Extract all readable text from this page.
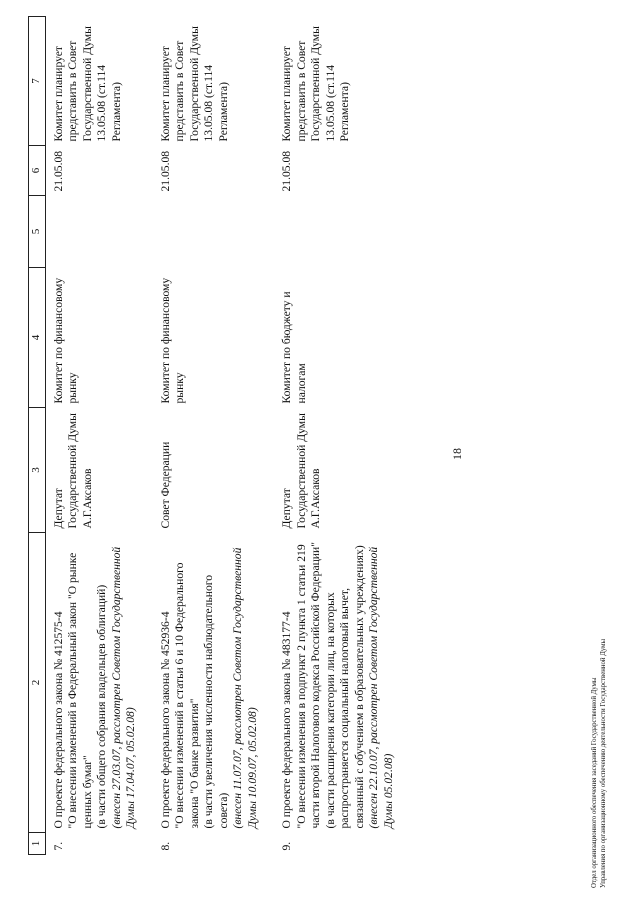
18
1	2	3	4	5	6	7
7.	О проекте федерального закона № 412575-4 "О внесении изменений в Федеральный закон "О рынке ценных бумаг" (в части общего собрания владельцев облигаций) (внесен 27.03.07, рассмотрен Советом Государственной Думы 17.04.07, 05.02.08)	Депутат Государственной Думы А.Г.Аксаков	Комитет по финансовому рынку		21.05.08	Комитет планирует представить в Совет Государственной Думы 13.05.08 (ст.114 Регламента)
8.	О проекте федерального закона № 452936-4 "О внесении изменений в статьи 6 и 10 Федерального закона "О банке развития" (в части увеличения численности наблюдательного совета) (внесен 11.07.07, рассмотрен Советом Государственной Думы 10.09.07, 05.02.08)	Совет Федерации	Комитет по финансовому рынку		21.05.08	Комитет планирует представить в Совет Государственной Думы 13.05.08 (ст.114 Регламента)
9.	О проекте федерального закона № 483177-4 "О внесении изменения в подпункт 2 пункта 1 статьи 219 части второй Налогового кодекса Российской Федерации" (в части расширения категории лиц, на которых распространяется социальный налоговый вычет, связанный с обучением в образовательных учреждениях) (внесен 22.10.07, рассмотрен Советом Государственной Думы 05.02.08)	Депутат Государственной Думы А.Г.Аксаков	Комитет по бюджету и налогам		21.05.08	Комитет планирует представить в Совет Государственной Думы 13.05.08 (ст.114 Регламента)
Отдел организационного обеспечения заседаний Государственной Думы Управления по организационному обеспечению деятельности Государственной Думы
